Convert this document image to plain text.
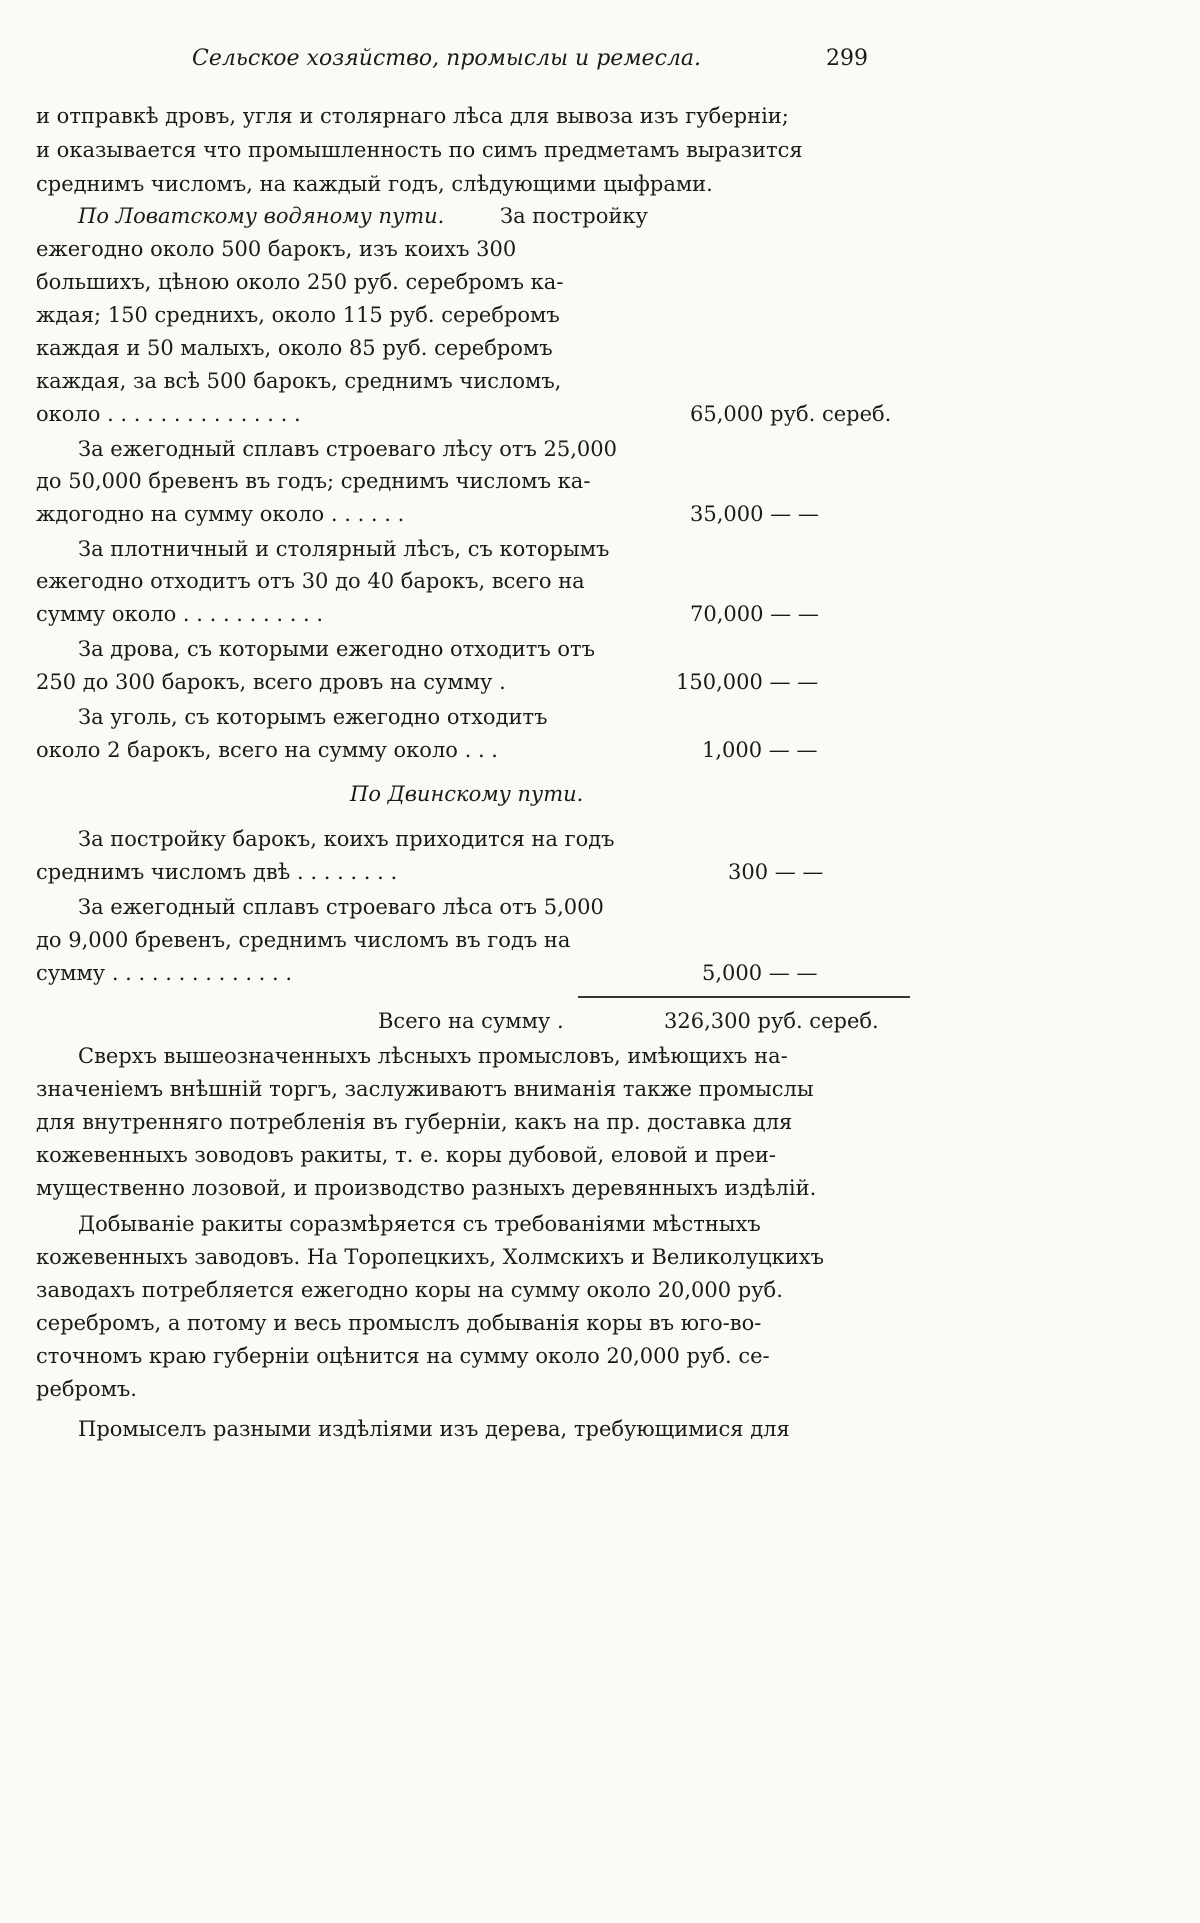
Сельское хозяйство, промыслы и ремесла.	299
и отправкѣ дровъ, угля и столярнаго лѣса для вывоза изъ губерніи;
и оказывается что промышленность по симъ предметамъ выразится
среднимъ числомъ, на каждый годъ, слѣдующими цыфрами.
По Ловатскому водяному пути.	За постройку
ежегодно около 500 барокъ, изъ коихъ 300
большихъ, цѣною около 250 руб. серебромъ ка-
ждая; 150 среднихъ, около 115 руб. серебромъ
каждая и 50 малыхъ, около 85 руб. серебромъ
каждая, за всѣ 500 барокъ, среднимъ числомъ,
около . . . . . . . . . . . . . . .	65,000 руб. сереб.
За ежегодный сплавъ строеваго лѣсу отъ 25,000
до 50,000 бревенъ въ годъ; среднимъ числомъ ка-
ждогодно на сумму около . . . . . .	35,000 — —
За плотничный и столярный лѣсъ, съ которымъ
ежегодно отходитъ отъ 30 до 40 барокъ, всего на
сумму около . . . . . . . . . . .	70,000 — —
За дрова, съ которыми ежегодно отходитъ отъ
250 до 300 барокъ, всего дровъ на сумму .	150,000 — —
За уголь, съ которымъ ежегодно отходитъ
около 2 барокъ, всего на сумму около . . .	1,000 — —
По Двинскому пути.
За постройку барокъ, коихъ приходится на годъ
среднимъ числомъ двѣ . . . . . . . .	300 — —
За ежегодный сплавъ строеваго лѣса отъ 5,000
до 9,000 бревенъ, среднимъ числомъ въ годъ на
сумму . . . . . . . . . . . . . .	5,000 — —
Всего на сумму .	326,300 руб. сереб.
Сверхъ вышеозначенныхъ лѣсныхъ промысловъ, имѣющихъ на-
значеніемъ внѣшній торгъ, заслуживаютъ вниманія также промыслы
для внутренняго потребленія въ губерніи, какъ на пр. доставка для
кожевенныхъ зоводовъ ракиты, т. е. коры дубовой, еловой и преи-
мущественно лозовой, и производство разныхъ деревянныхъ издѣлій.
Добываніе ракиты соразмѣряется съ требованіями мѣстныхъ
кожевенныхъ заводовъ. На Торопецкихъ, Холмскихъ и Великолуцкихъ
заводахъ потребляется ежегодно коры на сумму около 20,000 руб.
серебромъ, а потому и весь промыслъ добыванія коры въ юго-во-
сточномъ краю губерніи оцѣнится на сумму около 20,000 руб. се-
ребромъ.
Промыселъ разными издѣліями изъ дерева, требующимися для
